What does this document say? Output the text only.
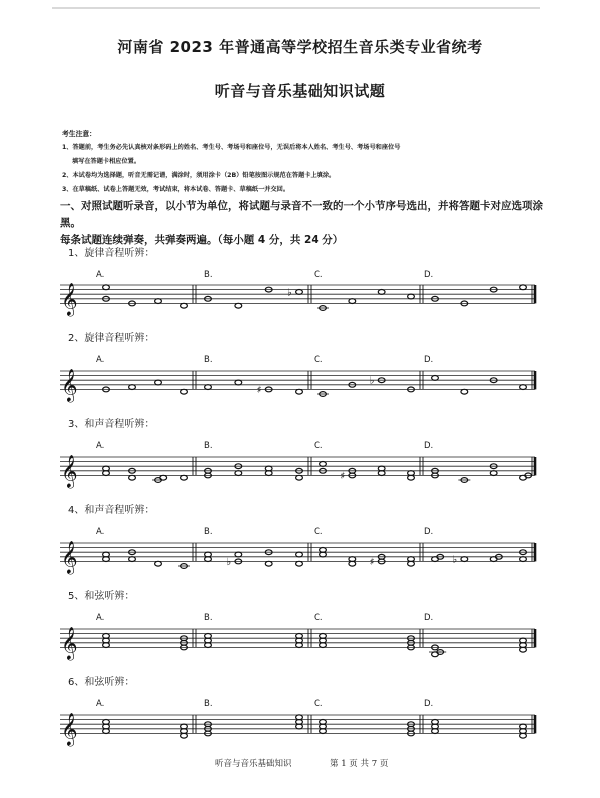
河南省 2023 年普通高等学校招生音乐类专业省统考
听音与音乐基础知识试题
考生注意：
1、答题前，考生务必先认真核对条形码上的姓名、考生号、考场号和座位号，无误后将本人姓名、考生号、考场号和座位号
填写在答题卡相应位置。
2、本试卷均为选择题，听音无需记谱，满涂时，须用涂卡（2B）铅笔按图示规范在答题卡上填涂。
3、在草稿纸、试卷上答题无效，考试结束，将本试卷、答题卡、草稿纸一并交回。
一、对照试题听录音，以小节为单位，将试题与录音不一致的一个小节序号选出，并将答题卡对应选项涂黑。
每条试题连续弹奏，共弹奏两遍。（每小题 4 分，共 24 分）
1、旋律音程听辨：
A.	B.	C.	D.
𝄞	♭
2、旋律音程听辨：
A.	B.	C.	D.
𝄞	♯
♭
3、和声音程听辨：
A.	B.	C.	D.
𝄞	♯
4、和声音程听辨：
A.	B.	C.	D.
𝄞	♭	♯	♭
5、和弦听辨：
A.	B.	C.	D.
𝄞
6、和弦听辨：
A.	B.	C.	D.
𝄞
听音与音乐基础知识	第 1 页 共 7 页
